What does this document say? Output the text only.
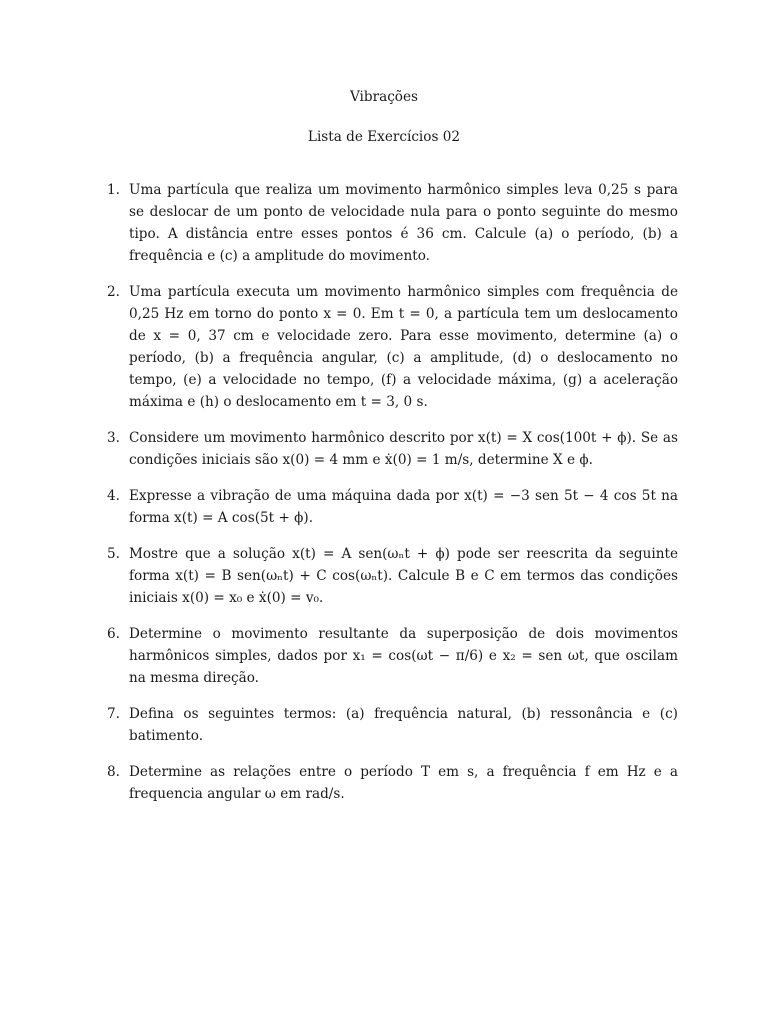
Vibrações
Lista de Exercícios 02
1. Uma partícula que realiza um movimento harmônico simples leva 0,25 s para se deslocar de um ponto de velocidade nula para o ponto seguinte do mesmo tipo. A distância entre esses pontos é 36 cm. Calcule (a) o período, (b) a frequência e (c) a amplitude do movimento.
2. Uma partícula executa um movimento harmônico simples com frequência de 0,25 Hz em torno do ponto x = 0. Em t = 0, a partícula tem um deslocamento de x = 0, 37 cm e velocidade zero. Para esse movimento, determine (a) o período, (b) a frequência angular, (c) a amplitude, (d) o deslocamento no tempo, (e) a velocidade no tempo, (f) a velocidade máxima, (g) a aceleração máxima e (h) o deslocamento em t = 3, 0 s.
3. Considere um movimento harmônico descrito por x(t) = X cos(100t + ϕ). Se as condições iniciais são x(0) = 4 mm e ẋ(0) = 1 m/s, determine X e ϕ.
4. Expresse a vibração de uma máquina dada por x(t) = −3 sen 5t − 4 cos 5t na forma x(t) = A cos(5t + ϕ).
5. Mostre que a solução x(t) = A sen(ωₙt + ϕ) pode ser reescrita da seguinte forma x(t) = B sen(ωₙt) + C cos(ωₙt). Calcule B e C em termos das condições iniciais x(0) = x₀ e ẋ(0) = v₀.
6. Determine o movimento resultante da superposição de dois movimentos harmônicos simples, dados por x₁ = cos(ωt − π/6) e x₂ = sen ωt, que oscilam na mesma direção.
7. Defina os seguintes termos: (a) frequência natural, (b) ressonância e (c) batimento.
8. Determine as relações entre o período T em s, a frequência f em Hz e a frequencia angular ω em rad/s.
